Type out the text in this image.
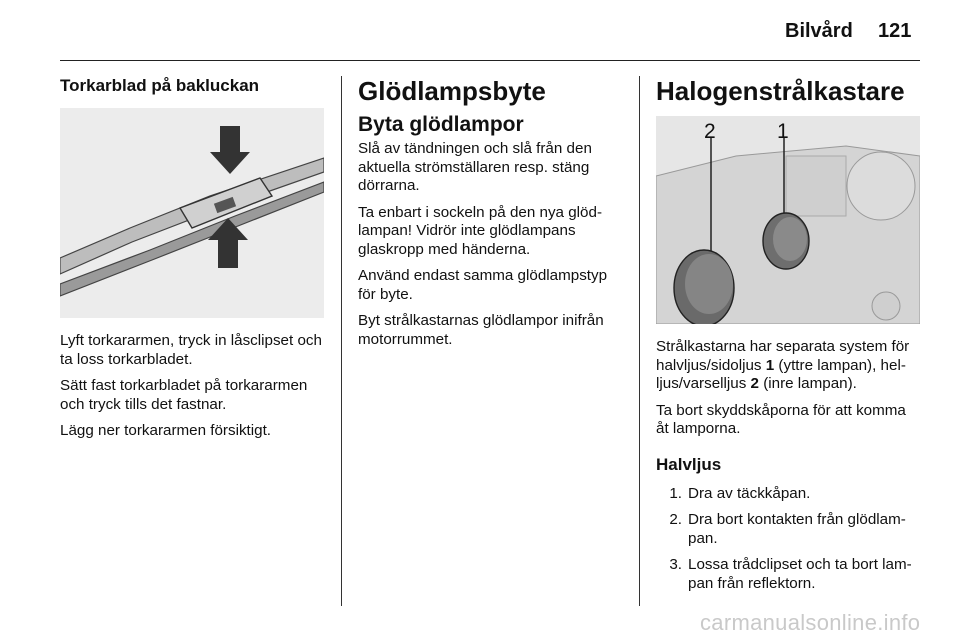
Bilvård 121
Torkarblad på bakluckan

Lyft torkararmen, tryck in låsclipset och ta loss torkarbladet.

Sätt fast torkarbladet på torkararmen och tryck tills det fastnar.

Lägg ner torkararmen försiktigt.

Glödlampsbyte
Byta glödlampor

Slå av tändningen och slå från den aktuella strömställaren resp. stäng dörrarna.

Ta enbart i sockeln på den nya glöd-lampan! Vidrör inte glödlampans glaskropp med händerna.

Använd endast samma glödlampstyp för byte.

Byt strålkastarnas glödlampor inifrån motorrummet.

Halogenstrålkastare
2	1

Strålkastarna har separata system för halvljus/sidoljus 1 (yttre lampan), hel-ljus/varselljus 2 (inre lampan).

Ta bort skyddskåporna för att komma åt lamporna.

Halvljus
1. Dra av täckkåpan.
2. Dra bort kontakten från glödlam-pan.
3. Lossa trådclipset och ta bort lam-pan från reflektorn.
carmanualsonline.info
